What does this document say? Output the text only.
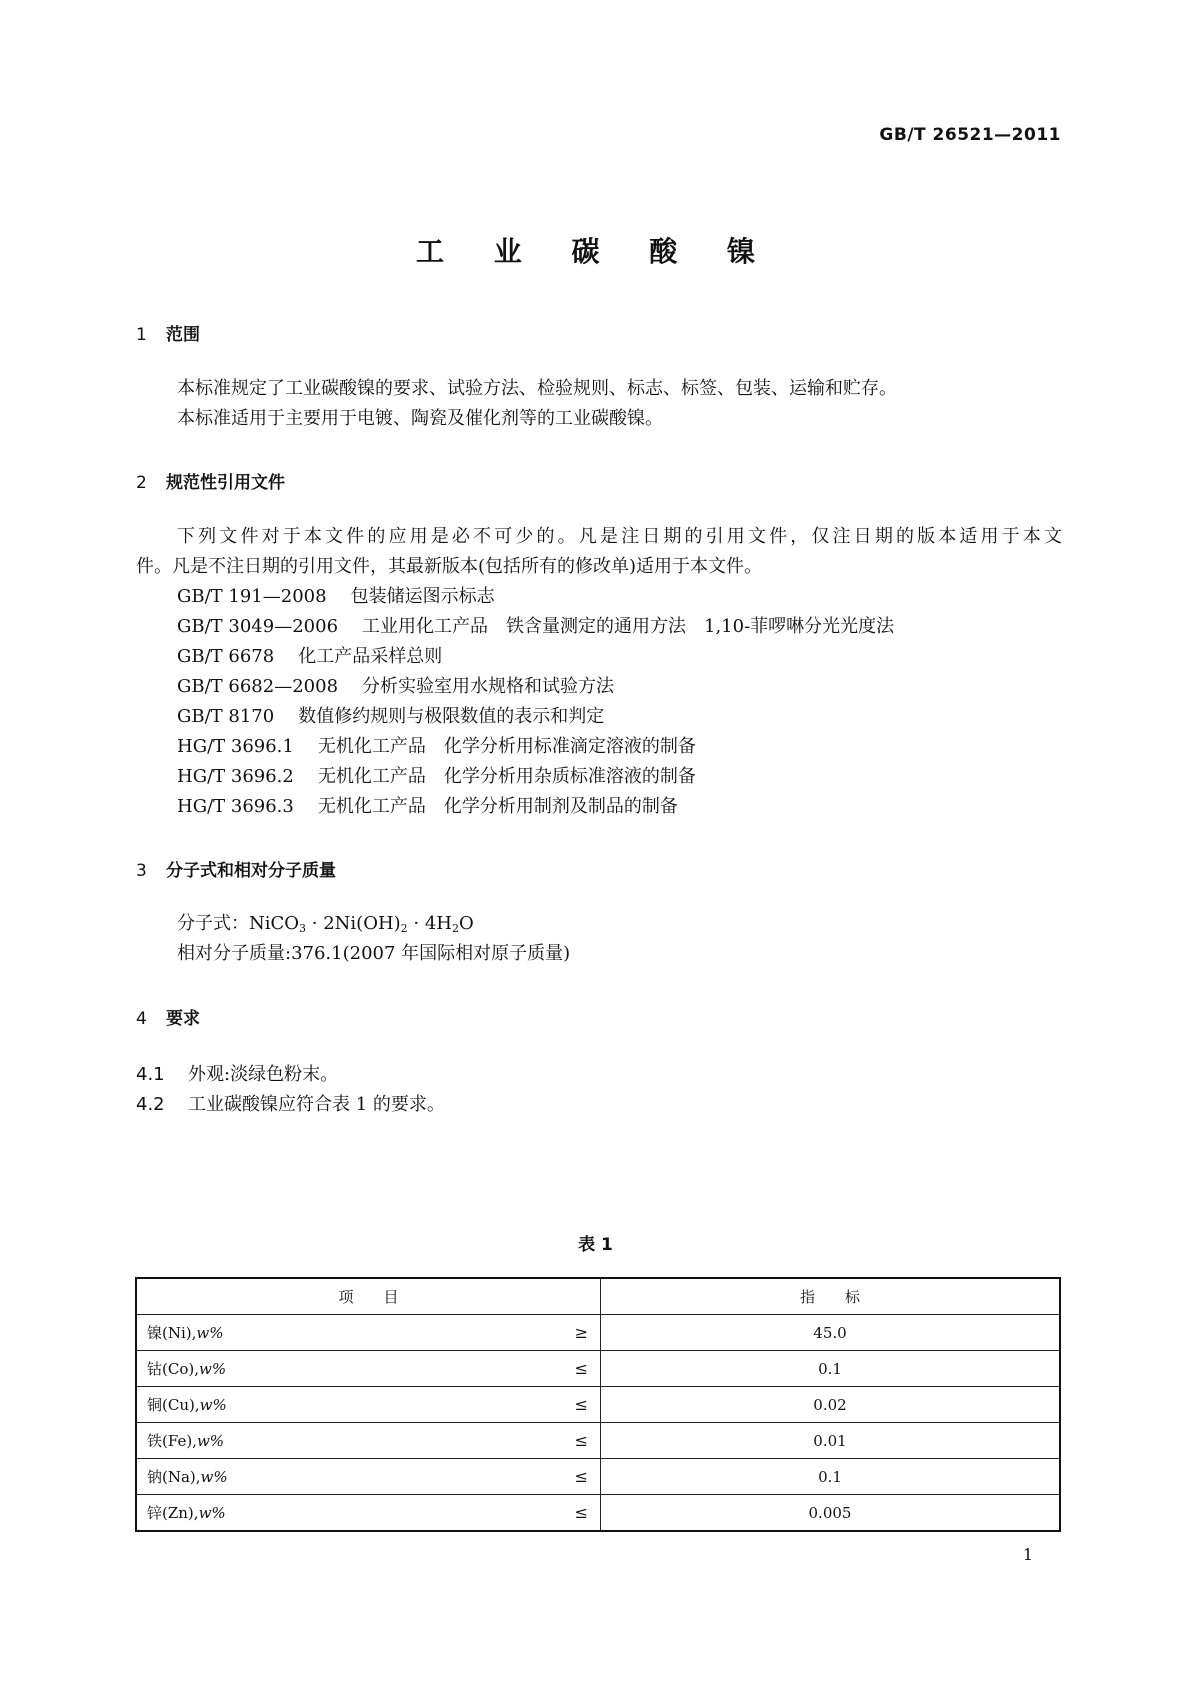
GB/T 26521—2011
工 业 碳 酸 镍
1 范围
本标准规定了工业碳酸镍的要求、试验方法、检验规则、标志、标签、包装、运输和贮存。
本标准适用于主要用于电镀、陶瓷及催化剂等的工业碳酸镍。
2 规范性引用文件
下列文件对于本文件的应用是必不可少的。凡是注日期的引用文件，仅注日期的版本适用于本文
件。凡是不注日期的引用文件，其最新版本(包括所有的修改单)适用于本文件。
GB/T 191—2008 包装储运图示标志
GB/T 3049—2006 工业用化工产品　铁含量测定的通用方法　1,10-菲啰啉分光光度法
GB/T 6678 化工产品采样总则
GB/T 6682—2008 分析实验室用水规格和试验方法
GB/T 8170 数值修约规则与极限数值的表示和判定
HG/T 3696.1 无机化工产品　化学分析用标准滴定溶液的制备
HG/T 3696.2 无机化工产品　化学分析用杂质标准溶液的制备
HG/T 3696.3 无机化工产品　化学分析用制剂及制品的制备
3 分子式和相对分子质量
分子式：NiCO$_3$ · $2Ni(OH)_2 \cdot 4H_2O$
相对分子质量:376.1(2007 年国际相对原子质量)
4 要求
4.1 外观:淡绿色粉末。
4.2 工业碳酸镍应符合表 1 的要求。
表 1
项　　目	指　　标
镍(Ni),w% ≥	45.0
钴(Co),w% ≤	0.1
铜(Cu),w% ≤	0.02
铁(Fe),w% ≤	0.01
钠(Na),w% ≤	0.1
锌(Zn),w% ≤	0.005
1
